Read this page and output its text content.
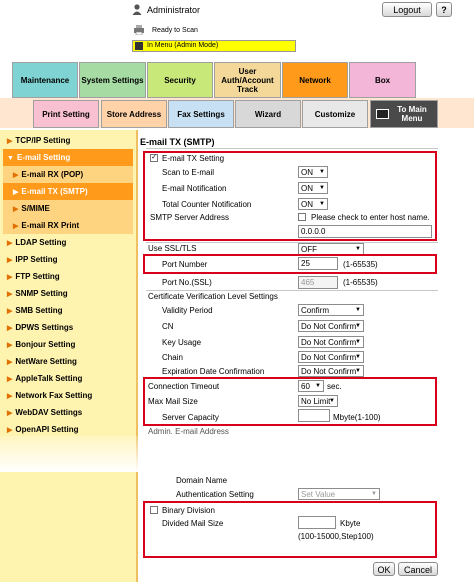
Administrator	Logout	?
Ready to Scan
In Menu (Admin Mode)
Maintenance System Settings	Security
User Auth/Account Track
Network	Box
Print Setting Store Address Fax Settings	Wizard	Customize	To Main Menu
▶ TCP/IP Setting
▼ E-mail Setting
▶ E-mail RX (POP)
▶ E-mail TX (SMTP)
▶ S/MIME
▶ E-mail RX Print
▶ LDAP Setting
▶ IPP Setting
▶ FTP Setting
▶ SNMP Setting
▶ SMB Setting
▶ DPWS Settings
▶ Bonjour Setting
▶ NetWare Setting
▶ AppleTalk Setting
▶ Network Fax Setting
▶ WebDAV Settings
▶ OpenAPI Setting
E-mail TX (SMTP)
✓ E-mail TX Setting
Scan to E-mail	ON ▼
E-mail Notification	ON ▼
Total Counter Notification	ON ▼
SMTP Server Address	Please check to enter host name.
0.0.0.0
Use SSL/TLS	OFF	▼
Port Number	25	(1-65535)
Port No.(SSL)	465	(1-65535)
Certificate Verification Level Settings
Validity Period	Confirm	▼
CN	Do Not Confirm
▼
Key Usage	Do Not Confirm
▼
Chain	Do Not Confirm
▼
Expiration Date Confirmation	Do Not Confirm
▼
Connection Timeout	60 ▼ sec.
Max Mail Size	No Limit
▼
Server Capacity	Mbyte(1-100)
Admin. E-mail Address
Domain Name
Authentication Setting	Set Value	▼
Binary Division
Divided Mail Size	Kbyte
(100-15000,Step100)
OK	Cancel
